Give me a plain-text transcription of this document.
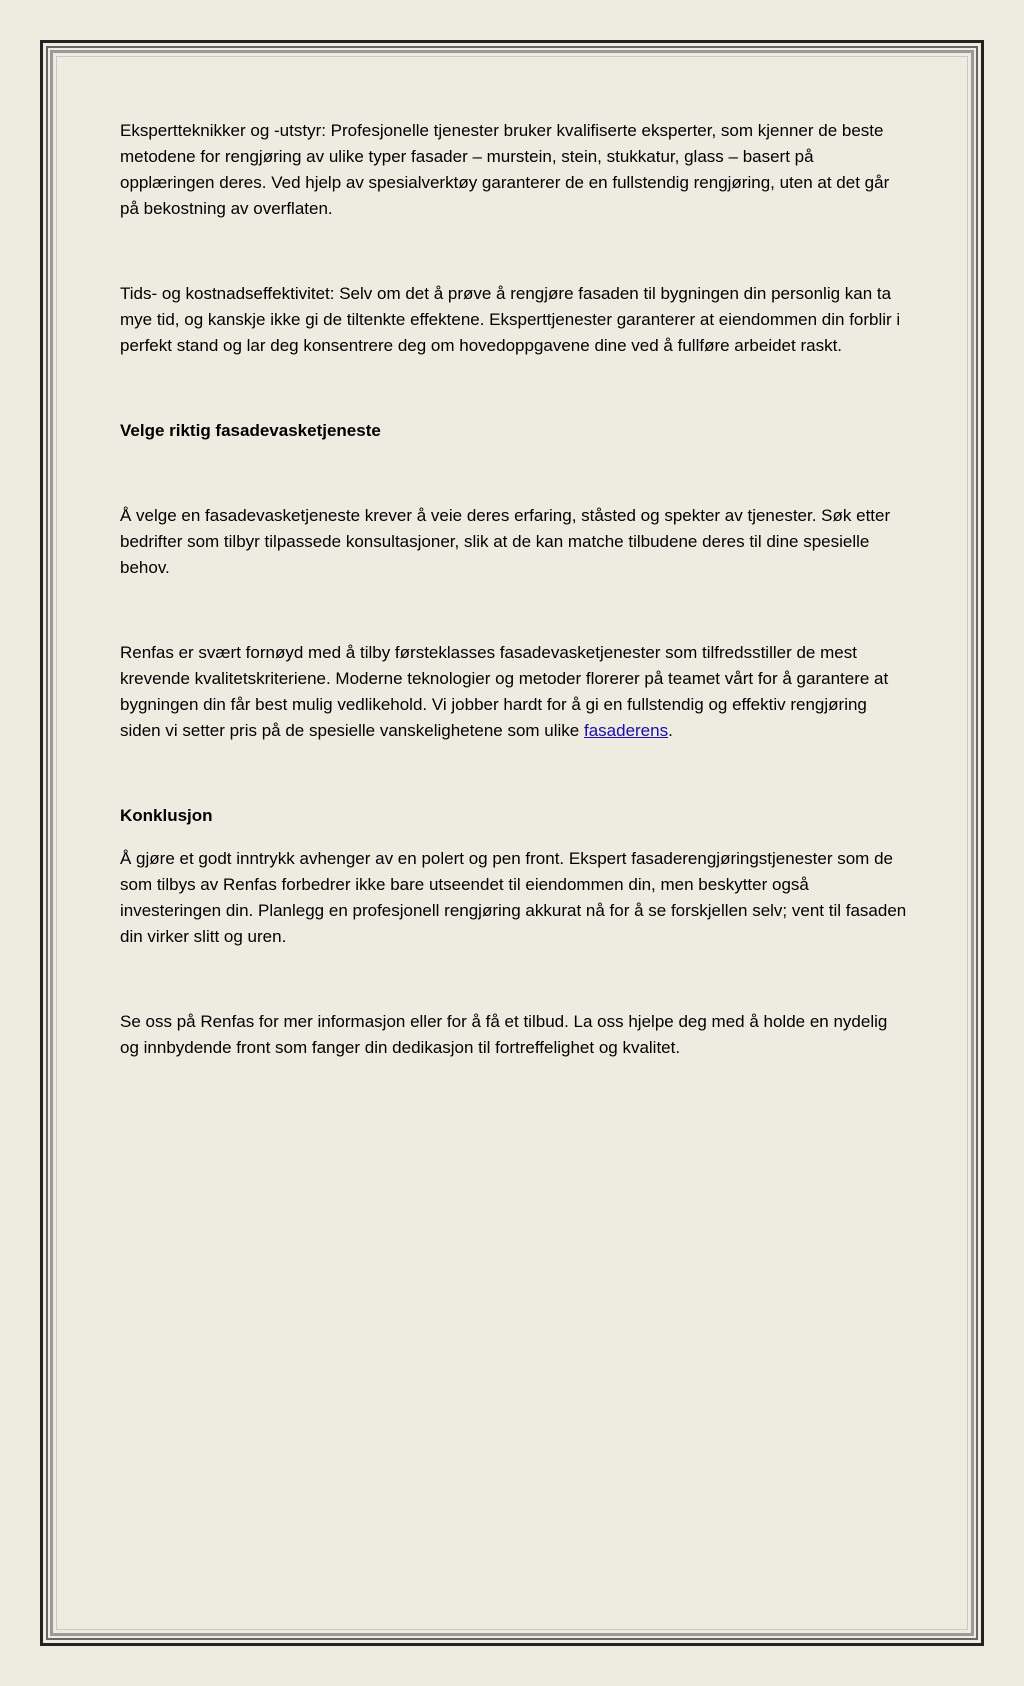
Ekspertteknikker og -utstyr: Profesjonelle tjenester bruker kvalifiserte eksperter, som kjenner de beste metodene for rengjøring av ulike typer fasader – murstein, stein, stukkatur, glass – basert på opplæringen deres. Ved hjelp av spesialverktøy garanterer de en fullstendig rengjøring, uten at det går på bekostning av overflaten.

Tids- og kostnadseffektivitet: Selv om det å prøve å rengjøre fasaden til bygningen din personlig kan ta mye tid, og kanskje ikke gi de tiltenkte effektene. Eksperttjenester garanterer at eiendommen din forblir i perfekt stand og lar deg konsentrere deg om hovedoppgavene dine ved å fullføre arbeidet raskt.

Velge riktig fasadevasketjeneste

Å velge en fasadevasketjeneste krever å veie deres erfaring, ståsted og spekter av tjenester. Søk etter bedrifter som tilbyr tilpassede konsultasjoner, slik at de kan matche tilbudene deres til dine spesielle behov.

Renfas er svært fornøyd med å tilby førsteklasses fasadevasketjenester som tilfredsstiller de mest krevende kvalitetskriteriene. Moderne teknologier og metoder florerer på teamet vårt for å garantere at bygningen din får best mulig vedlikehold. Vi jobber hardt for å gi en fullstendig og effektiv rengjøring siden vi setter pris på de spesielle vanskelighetene som ulike fasaderens.

Konklusjon

Å gjøre et godt inntrykk avhenger av en polert og pen front. Ekspert fasaderengjøringstjenester som de som tilbys av Renfas forbedrer ikke bare utseendet til eiendommen din, men beskytter også investeringen din. Planlegg en profesjonell rengjøring akkurat nå for å se forskjellen selv; vent til fasaden din virker slitt og uren.

Se oss på Renfas for mer informasjon eller for å få et tilbud. La oss hjelpe deg med å holde en nydelig og innbydende front som fanger din dedikasjon til fortreffelighet og kvalitet.
